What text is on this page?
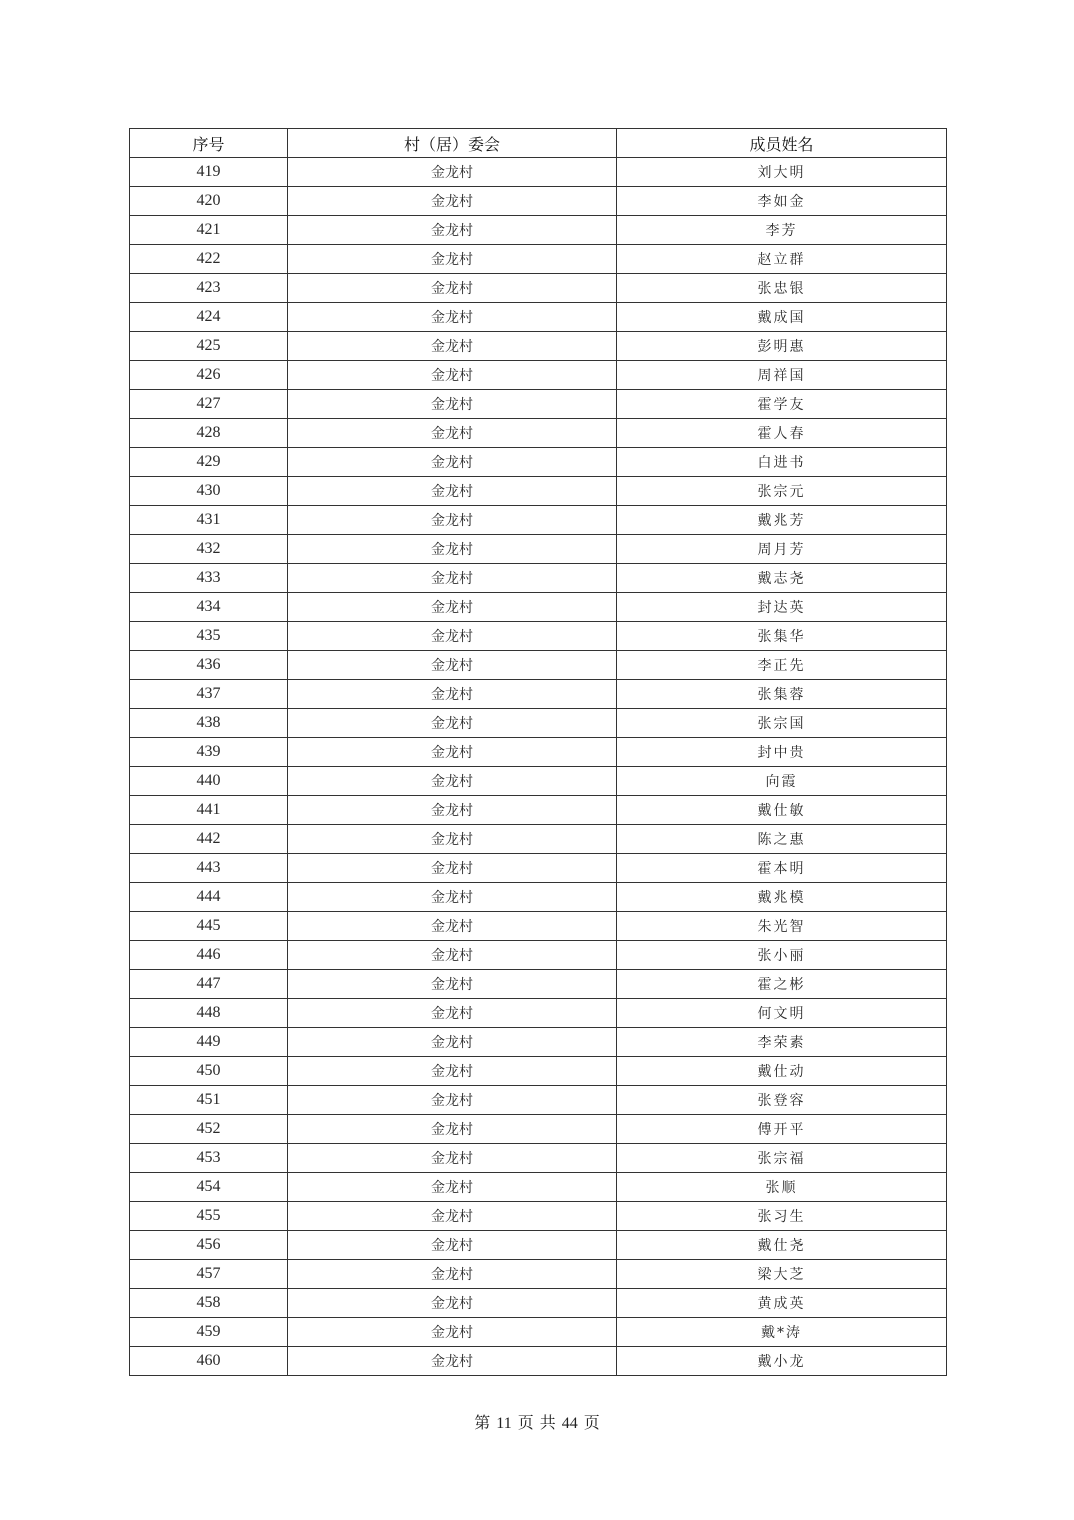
序号	村（居）委会	成员姓名
419	金龙村	刘大明
420	金龙村	李如金
421	金龙村	李芳
422	金龙村	赵立群
423	金龙村	张忠银
424	金龙村	戴成国
425	金龙村	彭明惠
426	金龙村	周祥国
427	金龙村	霍学友
428	金龙村	霍人春
429	金龙村	白进书
430	金龙村	张宗元
431	金龙村	戴兆芳
432	金龙村	周月芳
433	金龙村	戴志尧
434	金龙村	封达英
435	金龙村	张集华
436	金龙村	李正先
437	金龙村	张集蓉
438	金龙村	张宗国
439	金龙村	封中贵
440	金龙村	向霞
441	金龙村	戴仕敏
442	金龙村	陈之惠
443	金龙村	霍本明
444	金龙村	戴兆模
445	金龙村	朱光智
446	金龙村	张小丽
447	金龙村	霍之彬
448	金龙村	何文明
449	金龙村	李荣素
450	金龙村	戴仕动
451	金龙村	张登容
452	金龙村	傅开平
453	金龙村	张宗福
454	金龙村	张顺
455	金龙村	张习生
456	金龙村	戴仕尧
457	金龙村	梁大芝
458	金龙村	黄成英
459	金龙村	戴*涛
460	金龙村	戴小龙
第 11 页 共 44 页
